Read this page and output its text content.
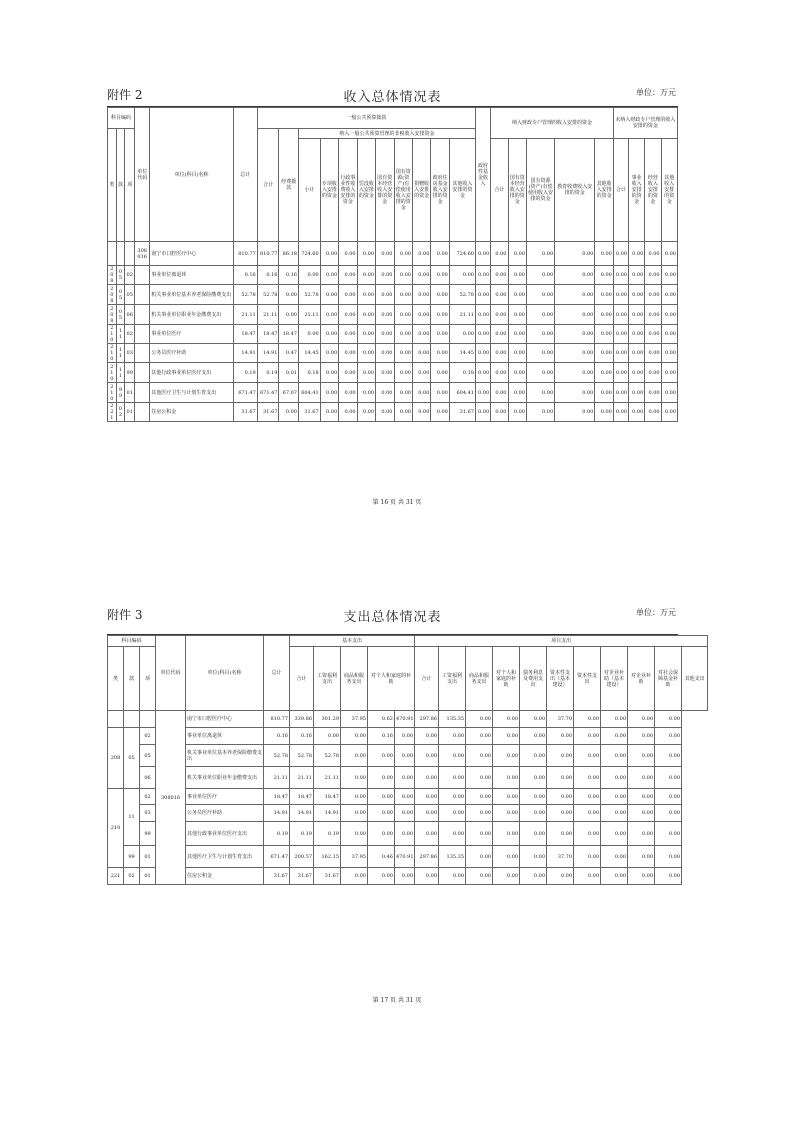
附件 2	收入总体情况表	单位：万元
科目编码			单位代码	单位(科目)名称	总计	一般公共预算拨款											政府性基金收入	纳入财政专户管理的收入安排的资金					未纳入财政专户管理的收入安排的资金			
类	款	项				合计	经费拨款	纳入一般公共预算管理的非税收入安排资金																		
								小计	专项收入安排的资金	行政事业性收费收入安排的资金	罚没收入安排的资金	国有资本经营收入安排的资金	国有资源(资产)有偿使用收入安排的资金	捐赠收入安排的资金	政府住房基金收入安排的资金	其他收入安排的资金		合计	国有资本经营收入安排的资金	国有资源(资产)有偿使用收入安排的资金	教育收费收入安排的资金	其他收入安排的资金	合计	事业收入安排的资金	经营收入安排的资金	其他收入安排的资金

			308016	南宁市口腔医疗中心	810.77	810.77	86.18	724.60	0.00	0.00	0.00	0.00	0.00	0.00	0.00	724.60	0.00	0.00	0.00	0.00	0.00	0.00	0.00	0.00	0.00	0.00
208	05	02		事业单位离退休	0.16	0.16	0.16	0.00	0.00	0.00	0.00	0.00	0.00	0.00	0.00	0.00	0.00	0.00	0.00	0.00	0.00	0.00	0.00	0.00	0.00	0.00
208	05	05		机关事业单位基本养老保险缴费支出	52.78	52.78	0.00	52.78	0.00	0.00	0.00	0.00	0.00	0.00	0.00	52.78	0.00	0.00	0.00	0.00	0.00	0.00	0.00	0.00	0.00	0.00
208	05	06		机关事业单位职业年金缴费支出	21.11	21.11	0.00	21.11	0.00	0.00	0.00	0.00	0.00	0.00	0.00	21.11	0.00	0.00	0.00	0.00	0.00	0.00	0.00	0.00	0.00	0.00
210	11	02		事业单位医疗	18.47	18.47	18.47	0.00	0.00	0.00	0.00	0.00	0.00	0.00	0.00	0.00	0.00	0.00	0.00	0.00	0.00	0.00	0.00	0.00	0.00	0.00
210	11	03		公务员医疗补助	14.91	14.91	0.47	14.45	0.00	0.00	0.00	0.00	0.00	0.00	0.00	14.45	0.00	0.00	0.00	0.00	0.00	0.00	0.00	0.00	0.00	0.00
210	11	99		其他行政事业单位医疗支出	0.19	0.19	0.01	0.18	0.00	0.00	0.00	0.00	0.00	0.00	0.00	0.18	0.00	0.00	0.00	0.00	0.00	0.00	0.00	0.00	0.00	0.00
210	99	01		其他医疗卫生与计划生育支出	671.47	671.47	67.07	604.41	0.00	0.00	0.00	0.00	0.00	0.00	0.00	604.41	0.00	0.00	0.00	0.00	0.00	0.00	0.00	0.00	0.00	0.00
221	02	01		住房公积金	31.67	31.67	0.00	31.67	0.00	0.00	0.00	0.00	0.00	0.00	0.00	31.67	0.00	0.00	0.00	0.00	0.00	0.00	0.00	0.00	0.00	0.00
第 16 页 共 31 页
附件 3	支出总体情况表	单位：万元
科目编码			单位代码	单位(科目)名称	总计	基本支出					项目支出										
类	款	项				合计	工资福利支出	商品和服务支出	对个人和家庭的补助		合计	工资福利支出	商品和服务支出	对个人和家庭的补助	债务利息及费用支出	资本性支出（基本建设）	资本性支出	对企业补助（基本建设）	对企业补助	对社会保障基金补助	其他支出

			308016	南宁市口腔医疗中心	810.77	339.86	301.29	37.95	0.62	470.91	297.86	135.35	0.00	0.00	0.00	37.70	0.00	0.00	0.00	0.00	
208	05	02		事业单位离退休	0.16	0.16	0.00	0.00	0.16	0.00	0.00	0.00	0.00	0.00	0.00	0.00	0.00	0.00	0.00	0.00	
		05		机关事业单位基本养老保险缴费支出	52.78	52.78	52.78	0.00	0.00	0.00	0.00	0.00	0.00	0.00	0.00	0.00	0.00	0.00	0.00	0.00	
		06		机关事业单位职业年金缴费支出	21.11	21.11	21.11	0.00	0.00	0.00	0.00	0.00	0.00	0.00	0.00	0.00	0.00	0.00	0.00	0.00	
210	11	02		事业单位医疗	18.47	18.47	18.47	0.00	0.00	0.00	0.00	0.00	0.00	0.00	0.00	0.00	0.00	0.00	0.00	0.00	
		03		公务员医疗补助	14.91	14.91	14.91	0.00	0.00	0.00	0.00	0.00	0.00	0.00	0.00	0.00	0.00	0.00	0.00	0.00	
		99		其他行政事业单位医疗支出	0.19	0.19	0.19	0.00	0.00	0.00	0.00	0.00	0.00	0.00	0.00	0.00	0.00	0.00	0.00	0.00	
	99	01		其他医疗卫生与计划生育支出	671.47	200.57	162.15	37.95	0.46	470.91	297.86	135.35	0.00	0.00	0.00	37.70	0.00	0.00	0.00	0.00	
221	02	01		住房公积金	31.67	31.67	31.67	0.00	0.00	0.00	0.00	0.00	0.00	0.00	0.00	0.00	0.00	0.00	0.00	0.00	
第 17 页 共 31 页
